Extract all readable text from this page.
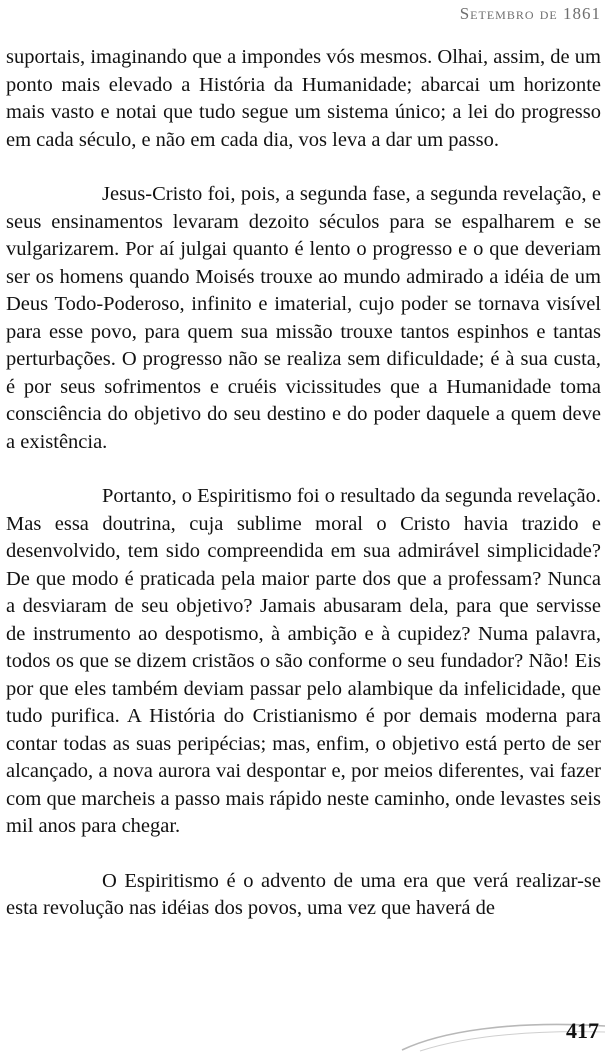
Setembro de 1861

suportais, imaginando que a impondes vós mesmos. Olhai, assim, de um ponto mais elevado a História da Humanidade; abarcai um horizonte mais vasto e notai que tudo segue um sistema único; a lei do progresso em cada século, e não em cada dia, vos leva a dar um passo.

Jesus-Cristo foi, pois, a segunda fase, a segunda revelação, e seus ensinamentos levaram dezoito séculos para se espalharem e se vulgarizarem. Por aí julgai quanto é lento o progresso e o que deveriam ser os homens quando Moisés trouxe ao mundo admirado a idéia de um Deus Todo-Poderoso, infinito e imaterial, cujo poder se tornava visível para esse povo, para quem sua missão trouxe tantos espinhos e tantas perturbações. O progresso não se realiza sem dificuldade; é à sua custa, é por seus sofrimentos e cruéis vicissitudes que a Humanidade toma consciência do objetivo do seu destino e do poder daquele a quem deve a existência.

Portanto, o Espiritismo foi o resultado da segunda revelação. Mas essa doutrina, cuja sublime moral o Cristo havia trazido e desenvolvido, tem sido compreendida em sua admirável simplicidade? De que modo é praticada pela maior parte dos que a professam? Nunca a desviaram de seu objetivo? Jamais abusaram dela, para que servisse de instrumento ao despotismo, à ambição e à cupidez? Numa palavra, todos os que se dizem cristãos o são conforme o seu fundador? Não! Eis por que eles também deviam passar pelo alambique da infelicidade, que tudo purifica. A História do Cristianismo é por demais moderna para contar todas as suas peripécias; mas, enfim, o objetivo está perto de ser alcançado, a nova aurora vai despontar e, por meios diferentes, vai fazer com que marcheis a passo mais rápido neste caminho, onde levastes seis mil anos para chegar.

O Espiritismo é o advento de uma era que verá realizar-se esta revolução nas idéias dos povos, uma vez que haverá de

417
